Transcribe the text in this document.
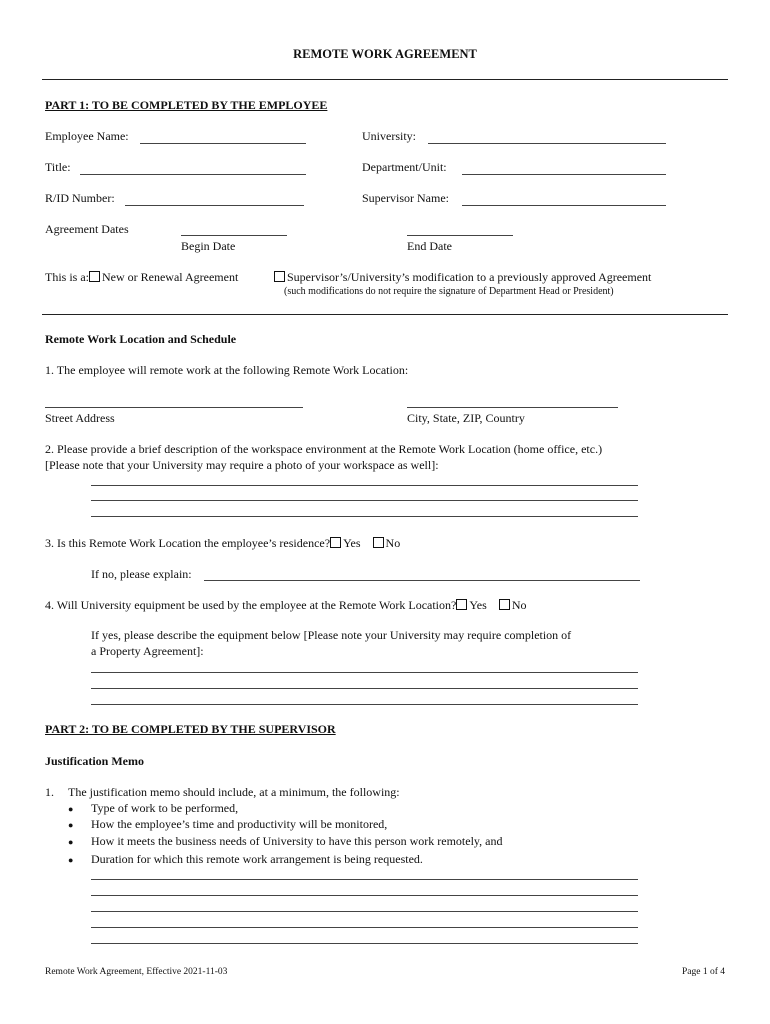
REMOTE WORK AGREEMENT
PART 1: TO BE COMPLETED BY THE EMPLOYEE
Employee Name:	University:
Title:	Department/Unit:
R/ID Number:	Supervisor Name:
Agreement Dates
Begin Date	End Date
This is a: New or Renewal Agreement	Supervisor’s/University’s modification to a previously approved Agreement
(such modifications do not require the signature of Department Head or President)
Remote Work Location and Schedule
1. The employee will remote work at the following Remote Work Location:
Street Address	City, State, ZIP, Country
2. Please provide a brief description of the workspace environment at the Remote Work Location (home office, etc.)
[Please note that your University may require a photo of your workspace as well]:
3. Is this Remote Work Location the employee’s residence? Yes No
If no, please explain:
4. Will University equipment be used by the employee at the Remote Work Location? Yes No
If yes, please describe the equipment below [Please note your University may require completion of
a Property Agreement]:
PART 2: TO BE COMPLETED BY THE SUPERVISOR
Justification Memo
1. The justification memo should include, at a minimum, the following:
● Type of work to be performed,
● How the employee’s time and productivity will be monitored,
● How it meets the business needs of University to have this person work remotely, and
● Duration for which this remote work arrangement is being requested.
Remote Work Agreement, Effective 2021-11-03	Page 1 of 4
